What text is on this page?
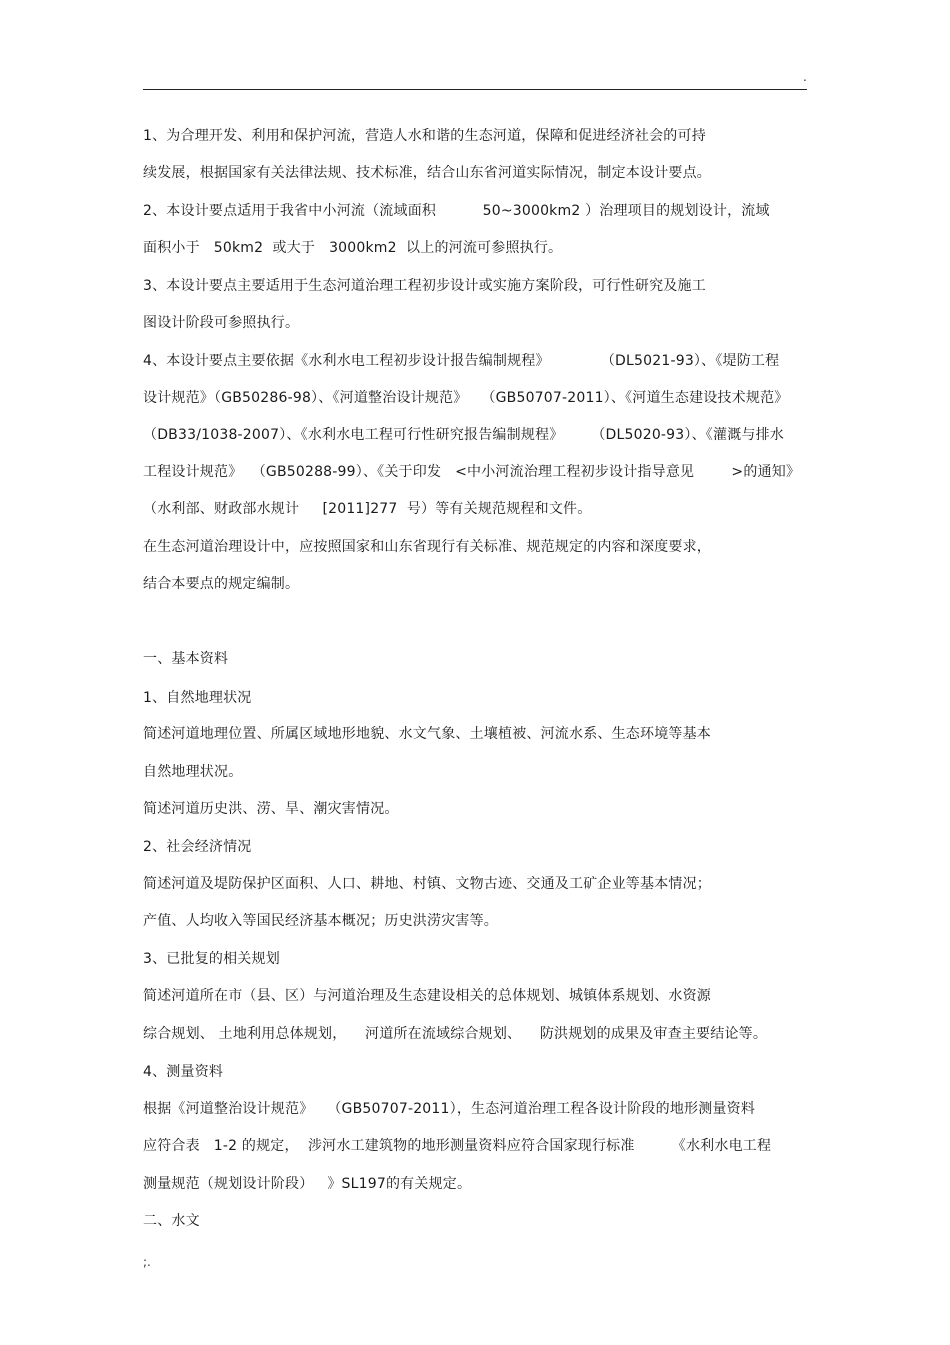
.
1、为合理开发、利用和保护河流，营造人水和谐的生态河道，保障和促进经济社会的可持
续发展，根据国家有关法律法规、技术标准，结合山东省河道实际情况，制定本设计要点。
2、本设计要点适用于我省中小河流（流域面积          50~3000km2 ）治理项目的规划设计，流域
面积小于   50km2  或大于   3000km2  以上的河流可参照执行。
3、本设计要点主要适用于生态河道治理工程初步设计或实施方案阶段，可行性研究及施工
图设计阶段可参照执行。
4、本设计要点主要依据《水利水电工程初步设计报告编制规程》           （DL5021-93）、《堤防工程
设计规范》（GB50286-98）、《河道整治设计规范》   （GB50707-2011）、《河道生态建设技术规范》
（DB33/1038-2007）、《水利水电工程可行性研究报告编制规程》      （DL5020-93）、《灌溉与排水
工程设计规范》  （GB50288-99）、《关于印发   <中小河流治理工程初步设计指导意见        >的通知》
（水利部、财政部水规计     [2011]277  号）等有关规范规程和文件。
在生态河道治理设计中，应按照国家和山东省现行有关标准、规范规定的内容和深度要求，
结合本要点的规定编制。
一、基本资料
1、自然地理状况
简述河道地理位置、所属区域地形地貌、水文气象、土壤植被、河流水系、生态环境等基本
自然地理状况。
简述河道历史洪、涝、旱、潮灾害情况。
2、社会经济情况
简述河道及堤防保护区面积、人口、耕地、村镇、文物古迹、交通及工矿企业等基本情况；
产值、人均收入等国民经济基本概况；历史洪涝灾害等。
3、已批复的相关规划
简述河道所在市（县、区）与河道治理及生态建设相关的总体规划、城镇体系规划、水资源
综合规划、 土地利用总体规划，    河道所在流域综合规划、    防洪规划的成果及审查主要结论等。
4、测量资料
根据《河道整治设计规范》   （GB50707-2011），生态河道治理工程各设计阶段的地形测量资料
应符合表   1-2 的规定，  涉河水工建筑物的地形测量资料应符合国家现行标准        《水利水电工程
测量规范（规划设计阶段）   》SL197的有关规定。
二、水文
;.
